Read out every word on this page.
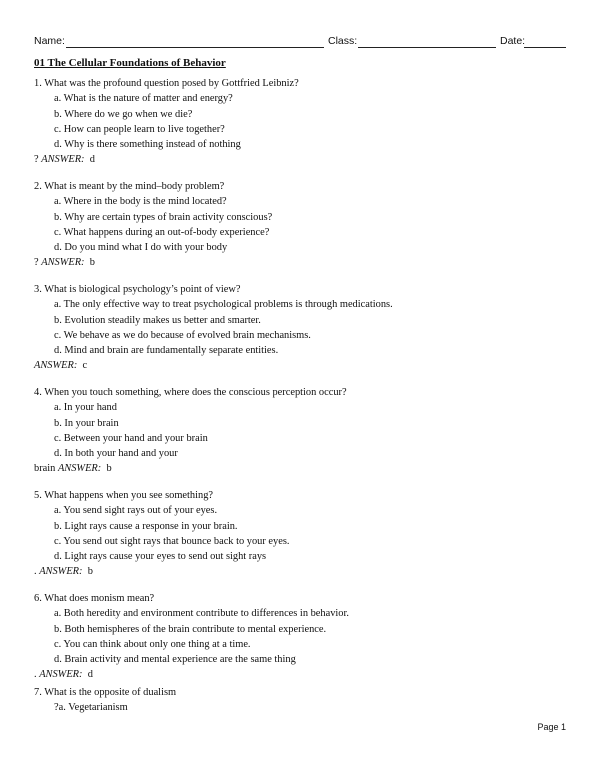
Name:	Class:	Date:
01 The Cellular Foundations of Behavior
1. What was the profound question posed by Gottfried Leibniz?
a. What is the nature of matter and energy?
b. Where do we go when we die?
c. How can people learn to live together?
d. Why is there something instead of nothing
? ANSWER: d
2. What is meant by the mind–body problem?
a. Where in the body is the mind located?
b. Why are certain types of brain activity conscious?
c. What happens during an out-of-body experience?
d. Do you mind what I do with your body
? ANSWER: b
3. What is biological psychology’s point of view?
a. The only effective way to treat psychological problems is through medications.
b. Evolution steadily makes us better and smarter.
c. We behave as we do because of evolved brain mechanisms.
d. Mind and brain are fundamentally separate entities.
ANSWER: c
4. When you touch something, where does the conscious perception occur?
a. In your hand
b. In your brain
c. Between your hand and your brain
d. In both your hand and your
brain ANSWER: b
5. What happens when you see something?
a. You send sight rays out of your eyes.
b. Light rays cause a response in your brain.
c. You send out sight rays that bounce back to your eyes.
d. Light rays cause your eyes to send out sight rays
. ANSWER: b
6. What does monism mean?
a. Both heredity and environment contribute to differences in behavior.
b. Both hemispheres of the brain contribute to mental experience.
c. You can think about only one thing at a time.
d. Brain activity and mental experience are the same thing
. ANSWER: d
7. What is the opposite of dualism
?a. Vegetarianism
Page 1
